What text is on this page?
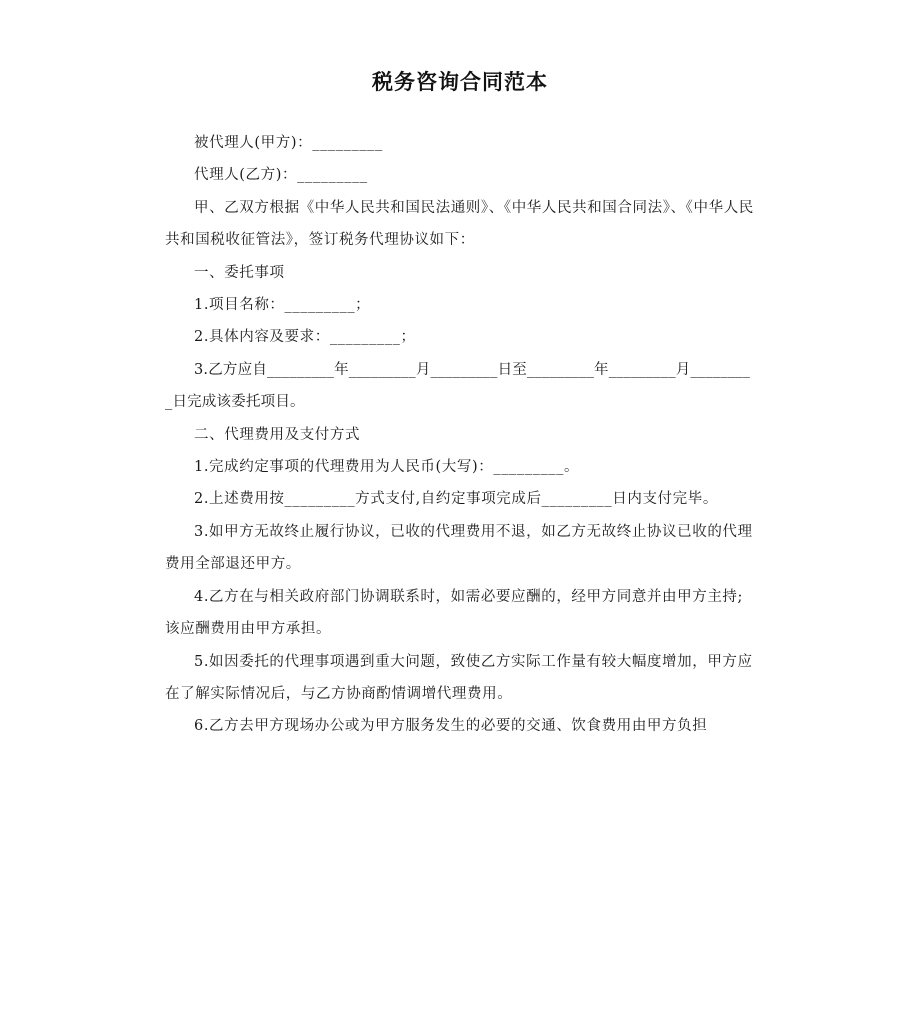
税务咨询合同范本

被代理人(甲方)：_________

代理人(乙方)：_________

甲、乙双方根据《中华人民共和国民法通则》、《中华人民共和国合同法》、《中华人民共和国税收征管法》，签订税务代理协议如下：

一、委托事项

1.项目名称：_________；

2.具体内容及要求：_________；

3.乙方应自_________年_________月_________日至_________年_________月_________日完成该委托项目。

二、代理费用及支付方式

1.完成约定事项的代理费用为人民币(大写)：_________。

2.上述费用按_________方式支付,自约定事项完成后_________日内支付完毕。

3.如甲方无故终止履行协议，已收的代理费用不退，如乙方无故终止协议已收的代理费用全部退还甲方。

4.乙方在与相关政府部门协调联系时，如需必要应酬的，经甲方同意并由甲方主持;该应酬费用由甲方承担。

5.如因委托的代理事项遇到重大问题，致使乙方实际工作量有较大幅度增加，甲方应在了解实际情况后，与乙方协商酌情调增代理费用。

6.乙方去甲方现场办公或为甲方服务发生的必要的交通、饮食费用由甲方负担
